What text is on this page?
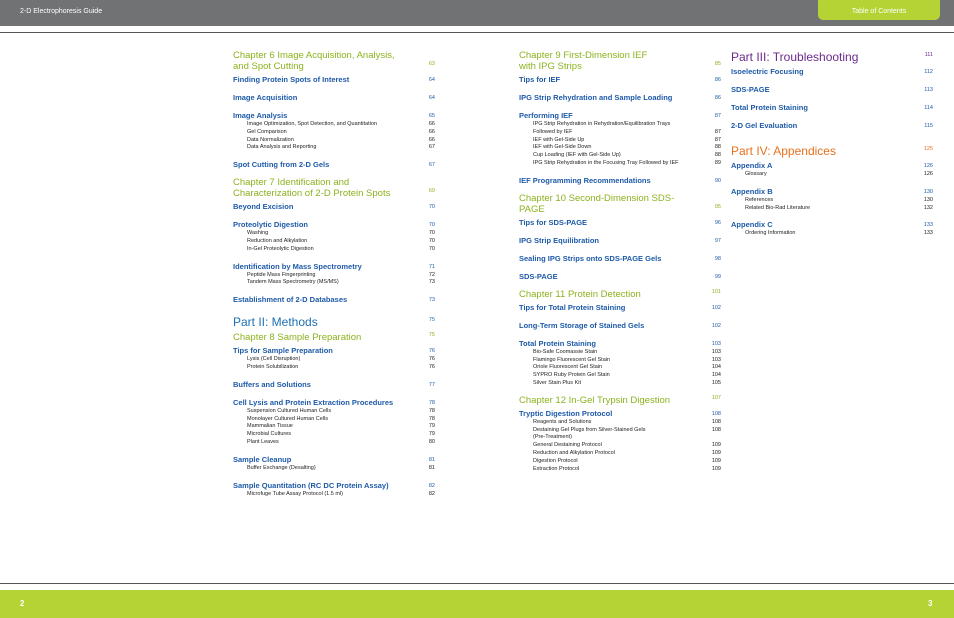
2-D Electrophoresis Guide	Table of Contents
Chapter 6 Image Acquisition, Analysis,
and Spot Cutting	63
Finding Protein Spots of Interest	64
Image Acquisition	64
Image Analysis	65
Image Optimization, Spot Detection, and Quantitation	66
Gel Comparison	66
Data Normalization	66
Data Analysis and Reporting	67
Spot Cutting from 2-D Gels	67
Chapter 7 Identification and
Characterization of 2-D Protein Spots	69
Beyond Excision	70
Proteolytic Digestion	70
Washing	70
Reduction and Alkylation	70
In-Gel Proteolytic Digestion	70
Identification by Mass Spectrometry	71
Peptide Mass Fingerprinting	72
Tandem Mass Spectrometry (MS/MS)	73
Establishment of 2-D Databases	73
Part II: Methods	75
Chapter 8 Sample Preparation	75
Tips for Sample Preparation	76
Lysis (Cell Disruption)	76
Protein Solubilization	76
Buffers and Solutions	77
Cell Lysis and Protein Extraction Procedures	78
Suspension Cultured Human Cells	78
Monolayer Cultured Human Cells	78
Mammalian Tissue	79
Microbial Cultures	79
Plant Leaves	80
Sample Cleanup	81
Buffer Exchange (Desalting)	81
Sample Quantitation (RC DC Protein Assay)	82
Microfuge Tube Assay Protocol (1.5 ml)	82
Chapter 9 First-Dimension IEF
with IPG Strips	85
Tips for IEF	86
IPG Strip Rehydration and Sample Loading	86
Performing IEF	87
IPG Strip Rehydration in Rehydration/Equilibration Trays
Followed by IEF	87
IEF with Gel-Side Up	87
IEF with Gel-Side Down	88
Cup Loading (IEF with Gel-Side Up)	88
IPG Strip Rehydration in the Focusing Tray Followed by IEF	89
IEF Programming Recommendations	90
Chapter 10 Second-Dimension SDS-PAGE	95
Tips for SDS-PAGE	96
IPG Strip Equilibration	97
Sealing IPG Strips onto SDS-PAGE Gels	98
SDS-PAGE	99
Chapter 11 Protein Detection	101
Tips for Total Protein Staining	102
Long-Term Storage of Stained Gels	102
Total Protein Staining	103
Bio-Safe Coomassie Stain	103
Flamingo Fluorescent Gel Stain	103
Oriole Fluorescent Gel Stain	104
SYPRO Ruby Protein Gel Stain	104
Silver Stain Plus Kit	105
Chapter 12 In-Gel Trypsin Digestion	107
Tryptic Digestion Protocol	108
Reagents and Solutions	108
Destaining Gel Plugs from Silver-Stained Gels	108
(Pre-Treatment)
General Destaining Protocol	109
Reduction and Alkylation Protocol	109
Digestion Protocol	109
Extraction Protocol	109
Part III: Troubleshooting	111
Isoelectric Focusing	112
SDS-PAGE	113
Total Protein Staining	114
2-D Gel Evaluation	115
Part IV: Appendices	125
Appendix A	126
Glossary	126
Appendix B	130
References	130
Related Bio-Rad Literature	132
Appendix C	133
Ordering Information	133
2	3
